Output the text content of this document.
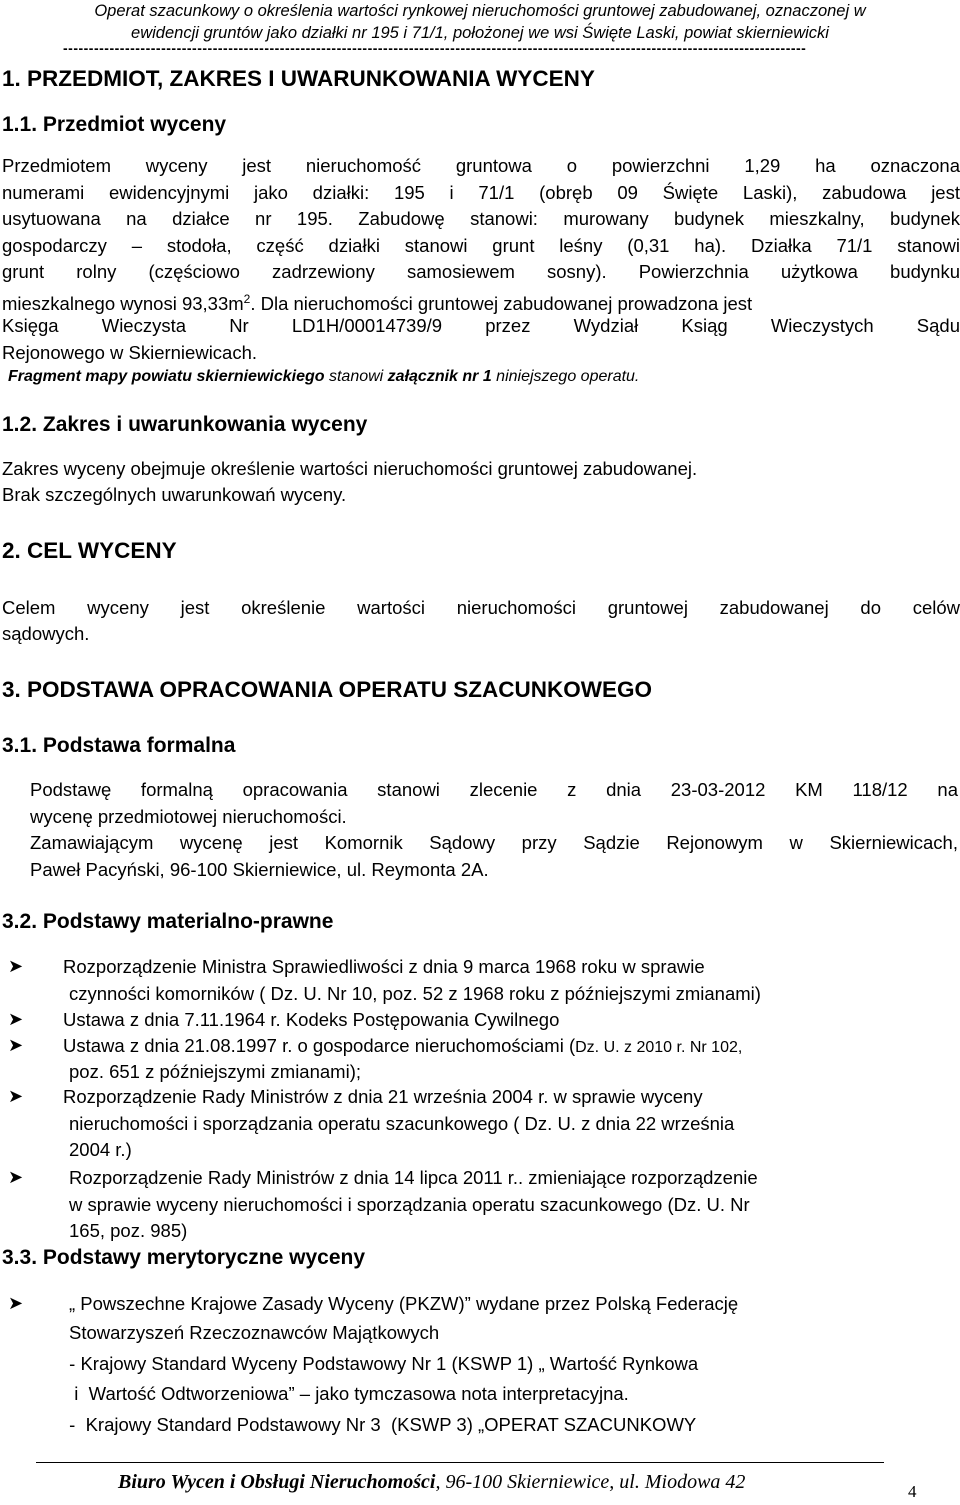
Operat szacunkowy o określenia wartości rynkowej nieruchomości gruntowej zabudowanej, oznaczonej w
ewidencji gruntów jako działki nr 195 i 71/1, położonej we wsi Święte Laski, powiat skierniewicki
------------------------------------------------------------------------------------------------------------------------------------------------
1. PRZEDMIOT, ZAKRES I UWARUNKOWANIA WYCENY
1.1. Przedmiot wyceny
Przedmiotem wyceny jest nieruchomość gruntowa o powierzchni 1,29 ha oznaczona
numerami ewidencyjnymi jako działki: 195 i 71/1 (obręb 09 Święte Laski), zabudowa jest
usytuowana na działce nr 195. Zabudowę stanowi: murowany budynek mieszkalny, budynek
gospodarczy – stodoła, część działki stanowi grunt leśny (0,31 ha). Działka 71/1 stanowi
grunt rolny (częściowo zadrzewiony samosiewem sosny). Powierzchnia użytkowa budynku
mieszkalnego wynosi $93,33m^2$. Dla nieruchomości gruntowej zabudowanej prowadzona jest
Księga Wieczysta Nr LD1H/00014739/9 przez Wydział Ksiąg Wieczystych Sądu
Rejonowego w Skierniewicach.
Fragment mapy powiatu skierniewickiego stanowi załącznik nr 1 niniejszego operatu.
1.2. Zakres i uwarunkowania wyceny
Zakres wyceny obejmuje określenie wartości nieruchomości gruntowej zabudowanej.
Brak szczególnych uwarunkowań wyceny.
2. CEL WYCENY
Celem wyceny jest określenie wartości nieruchomości gruntowej zabudowanej do celów
sądowych.
3. PODSTAWA OPRACOWANIA OPERATU SZACUNKOWEGO
3.1. Podstawa formalna
Podstawę formalną opracowania stanowi zlecenie z dnia 23-03-2012 KM 118/12 na
wycenę przedmiotowej nieruchomości.
Zamawiającym wycenę jest Komornik Sądowy przy Sądzie Rejonowym w Skierniewicach,
Paweł Pacyński, 96-100 Skierniewice, ul. Reymonta 2A.
3.2. Podstawy materialno-prawne
➤ Rozporządzenie Ministra Sprawiedliwości z dnia 9 marca 1968 roku w sprawie
czynności komorników ( Dz. U. Nr 10, poz. 52 z 1968 roku z późniejszymi zmianami)
➤ Ustawa z dnia 7.11.1964 r. Kodeks Postępowania Cywilnego
➤ Ustawa z dnia 21.08.1997 r. o gospodarce nieruchomościami (Dz. U. z 2010 r. Nr 102,
poz. 651 z późniejszymi zmianami);
➤ Rozporządzenie Rady Ministrów z dnia 21 września 2004 r. w sprawie wyceny
nieruchomości i sporządzania operatu szacunkowego ( Dz. U. z dnia 22 września
2004 r.)
➤ Rozporządzenie Rady Ministrów z dnia 14 lipca 2011 r.. zmieniające rozporządzenie
w sprawie wyceny nieruchomości i sporządzania operatu szacunkowego (Dz. U. Nr
165, poz. 985)
3.3. Podstawy merytoryczne wyceny
➤ „ Powszechne Krajowe Zasady Wyceny (PKZW)” wydane przez Polską Federację
Stowarzyszeń Rzeczoznawców Majątkowych
- Krajowy Standard Wyceny Podstawowy Nr 1 (KSWP 1) „ Wartość Rynkowa
i  Wartość Odtworzeniowa” – jako tymczasowa nota interpretacyjna.
-  Krajowy Standard Podstawowy Nr 3  (KSWP 3) „OPERAT SZACUNKOWY
Biuro Wycen i Obsługi Nieruchomości, 96-100 Skierniewice, ul. Miodowa 42	4
